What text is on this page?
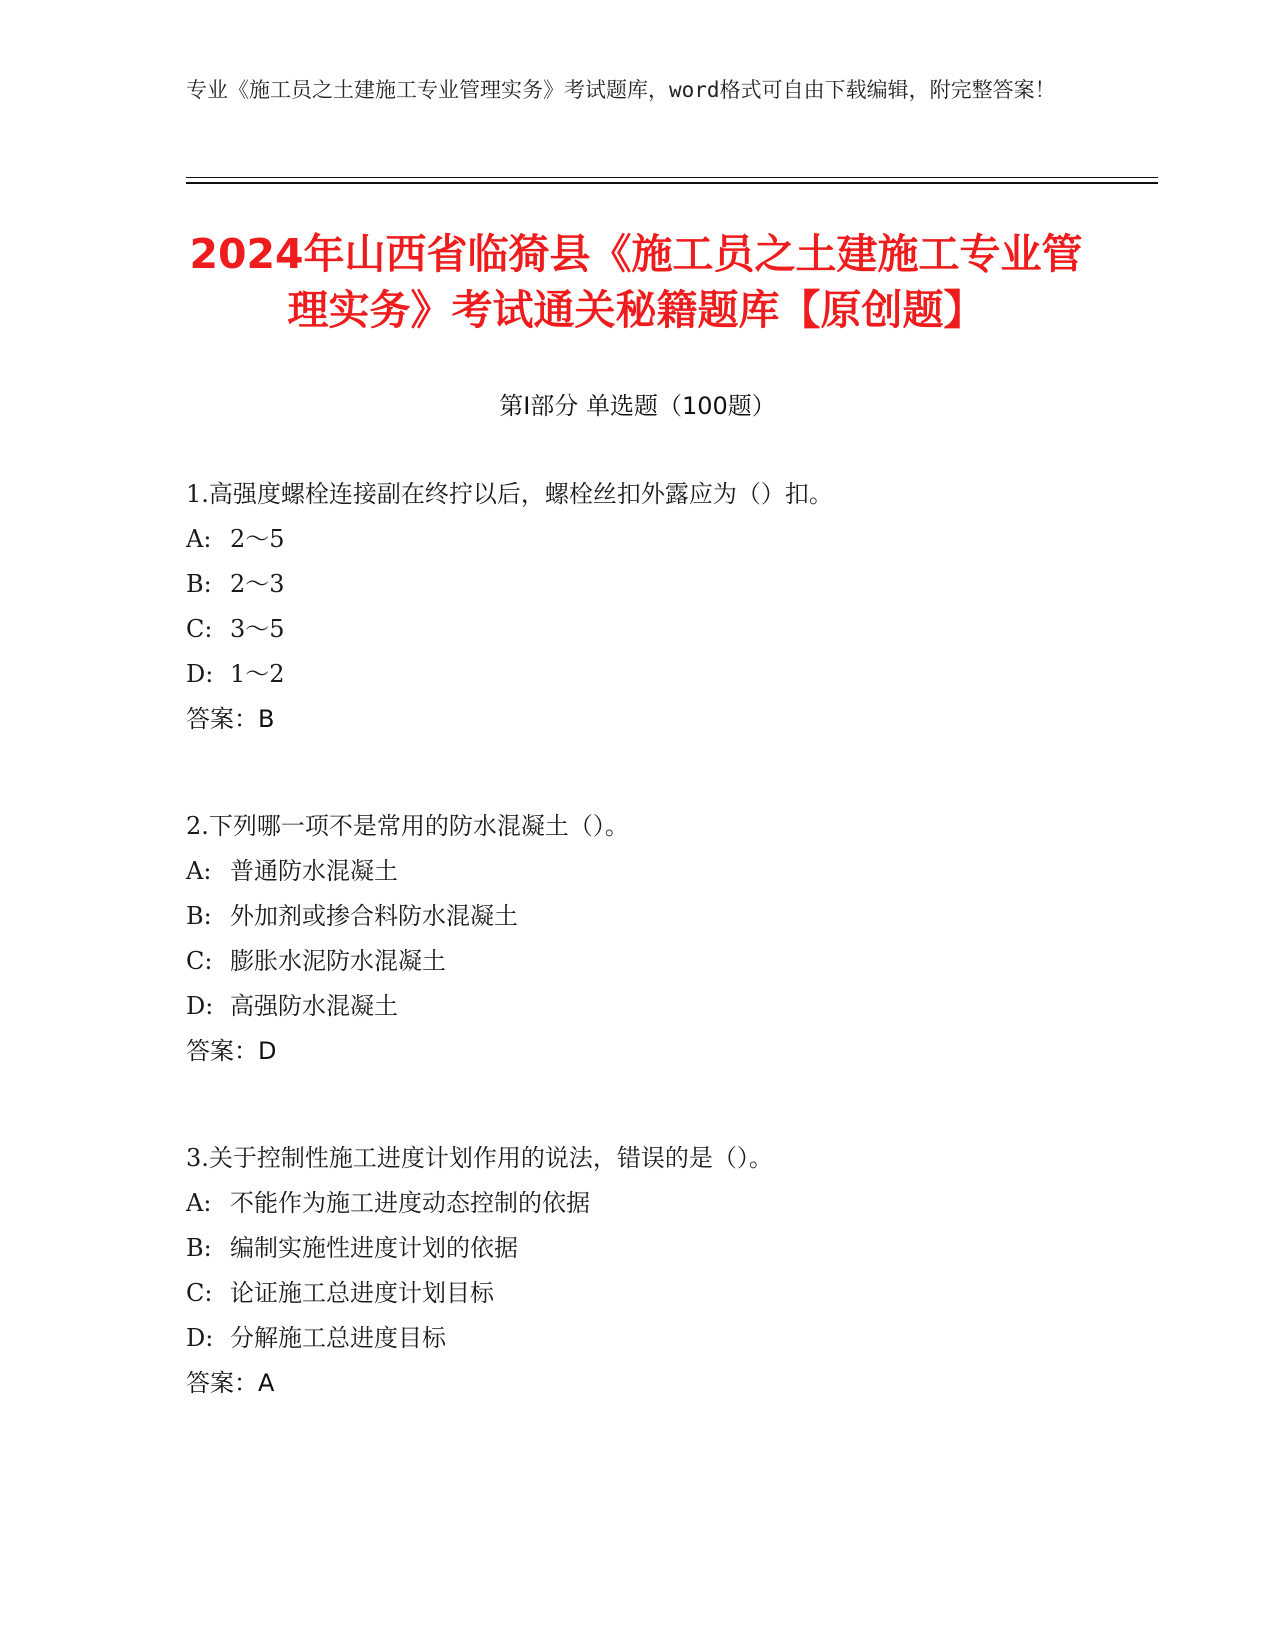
专业《施工员之土建施工专业管理实务》考试题库，word格式可自由下载编辑，附完整答案！
2024年山西省临猗县《施工员之土建施工专业管理实务》考试通关秘籍题库【原创题】
第Ⅰ部分 单选题（100题）
1.高强度螺栓连接副在终拧以后，螺栓丝扣外露应为（）扣。
A: 2～5
B: 2～3
C: 3～5
D: 1～2
答案：B
2.下列哪一项不是常用的防水混凝土（）。
A: 普通防水混凝土
B: 外加剂或掺合料防水混凝土
C: 膨胀水泥防水混凝土
D: 高强防水混凝土
答案：D
3.关于控制性施工进度计划作用的说法，错误的是（）。
A: 不能作为施工进度动态控制的依据
B: 编制实施性进度计划的依据
C: 论证施工总进度计划目标
D: 分解施工总进度目标
答案：A
